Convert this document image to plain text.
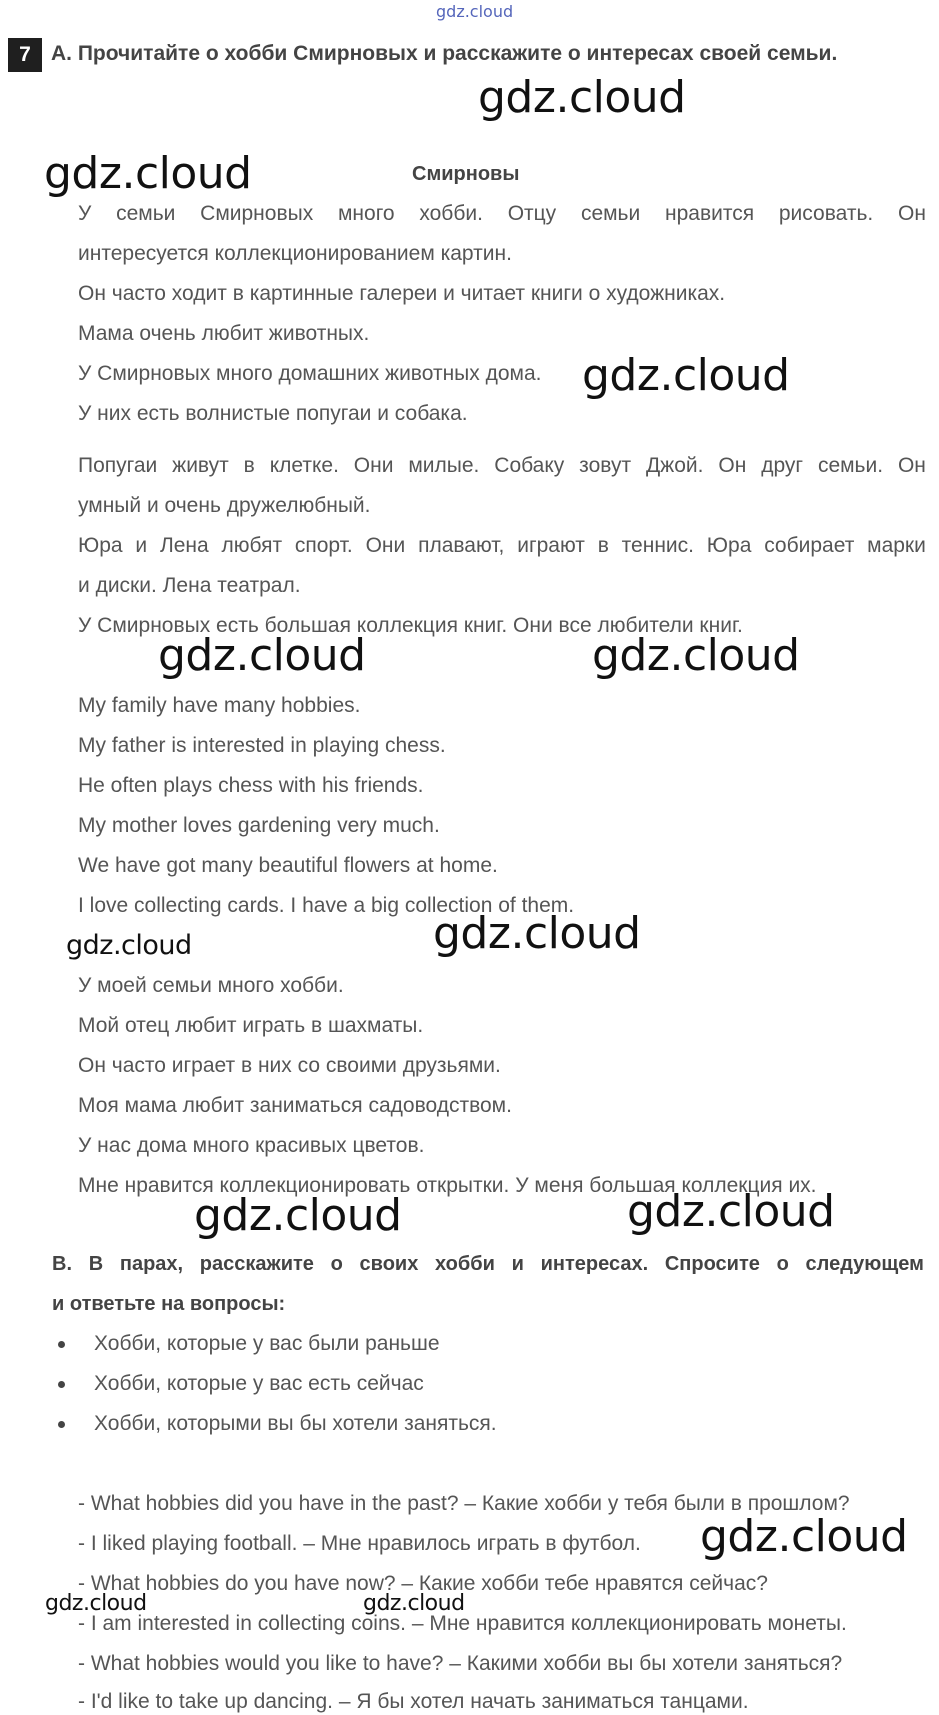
gdz.cloud
7 A. Прочитайте о хобби Смирновых и расскажите о интересах своей семьи.
Смирновы
У семьи Смирновых много хобби. Отцу семьи нравится рисовать. Он
интересуется коллекционированием картин.
Он часто ходит в картинные галереи и читает книги о художниках.
Мама очень любит животных.
У Смирновых много домашних животных дома.
У них есть волнистые попугаи и собака.
Попугаи живут в клетке. Они милые. Собаку зовут Джой. Он друг семьи. Он
умный и очень дружелюбный.
Юра и Лена любят спорт. Они плавают, играют в теннис. Юра собирает марки
и диски. Лена театрал.
У Смирновых есть большая коллекция книг. Они все любители книг.
My family have many hobbies.
My father is interested in playing chess.
He often plays chess with his friends.
My mother loves gardening very much.
We have got many beautiful flowers at home.
I love collecting cards. I have a big collection of them.
У моей семьи много хобби.
Мой отец любит играть в шахматы.
Он часто играет в них со своими друзьями.
Моя мама любит заниматься садоводством.
У нас дома много красивых цветов.
Мне нравится коллекционировать открытки. У меня большая коллекция их.
B. В парах, расскажите о своих хобби и интересах. Спросите о следующем
и ответьте на вопросы:
Хобби, которые у вас были раньше
Хобби, которые у вас есть сейчас
Хобби, которыми вы бы хотели заняться.
- What hobbies did you have in the past? – Какие хобби у тебя были в прошлом?
- I liked playing football. – Мне нравилось играть в футбол.
- What hobbies do you have now? – Какие хобби тебе нравятся сейчас?
- I am interested in collecting coins. – Мне нравится коллекционировать монеты.
- What hobbies would you like to have? – Какими хобби вы бы хотели заняться?
- I'd like to take up dancing. – Я бы хотел начать заниматься танцами.
gdz.cloud
gdz.cloud
gdz.cloud
gdz.cloud	gdz.cloud
gdz.cloud	gdz.cloud
gdz.cloud	gdz.cloud
gdz.cloud
gdz.cloud	gdz.cloud
